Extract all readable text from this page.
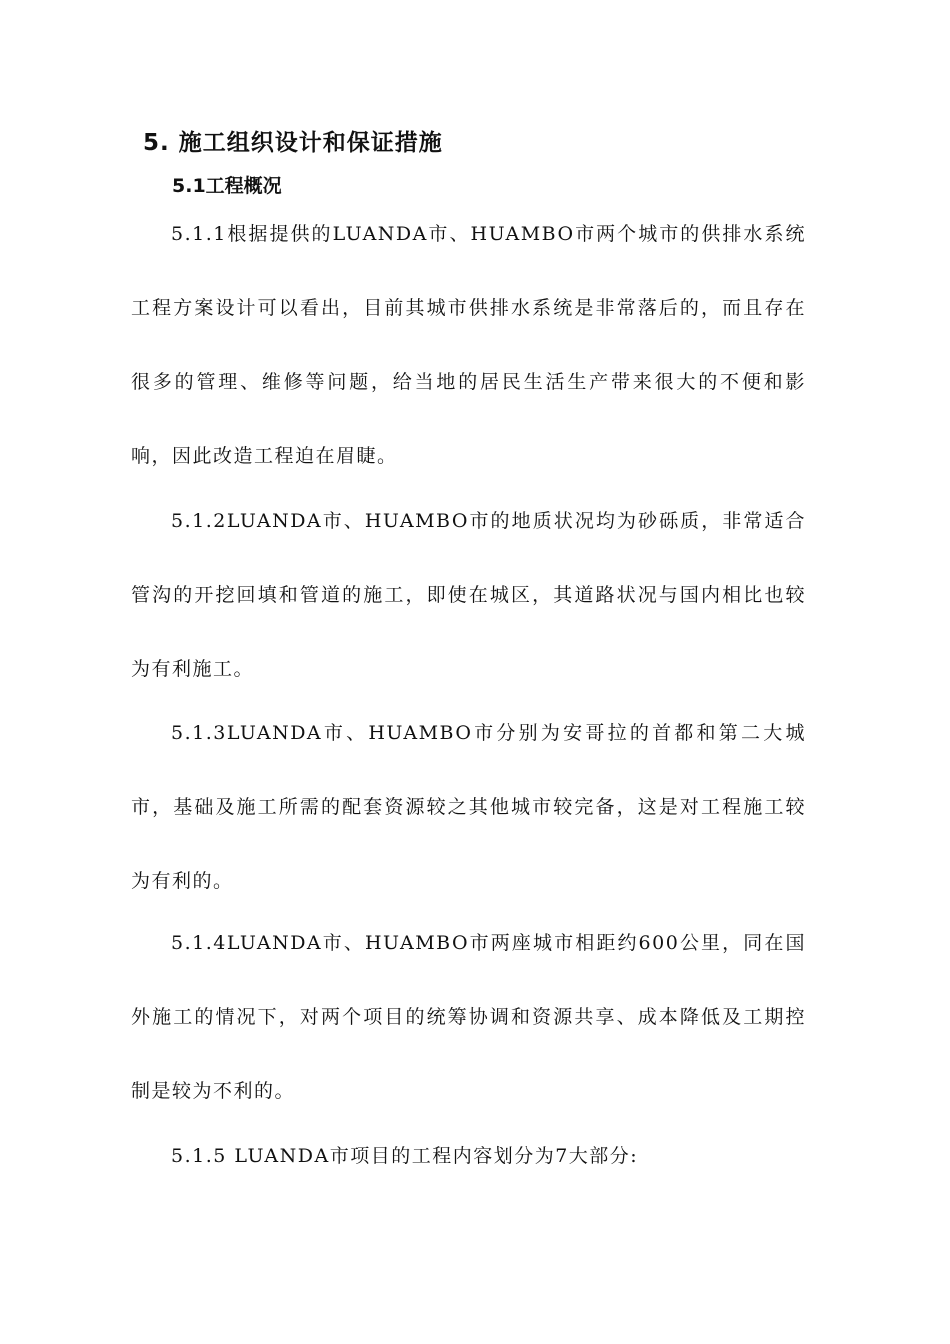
5. 施工组织设计和保证措施
5.1工程概况
5.1.1根据提供的LUANDA市、HUAMBO市两个城市的供排水系统工程方案设计可以看出，目前其城市供排水系统是非常落后的，而且存在很多的管理、维修等问题，给当地的居民生活生产带来很大的不便和影响，因此改造工程迫在眉睫。
5.1.2LUANDA市、HUAMBO市的地质状况均为砂砾质，非常适合管沟的开挖回填和管道的施工，即使在城区，其道路状况与国内相比也较为有利施工。
5.1.3LUANDA市、HUAMBO市分别为安哥拉的首都和第二大城市，基础及施工所需的配套资源较之其他城市较完备，这是对工程施工较为有利的。
5.1.4LUANDA市、HUAMBO市两座城市相距约600公里，同在国外施工的情况下，对两个项目的统筹协调和资源共享、成本降低及工期控制是较为不利的。
5.1.5 LUANDA市项目的工程内容划分为7大部分:
